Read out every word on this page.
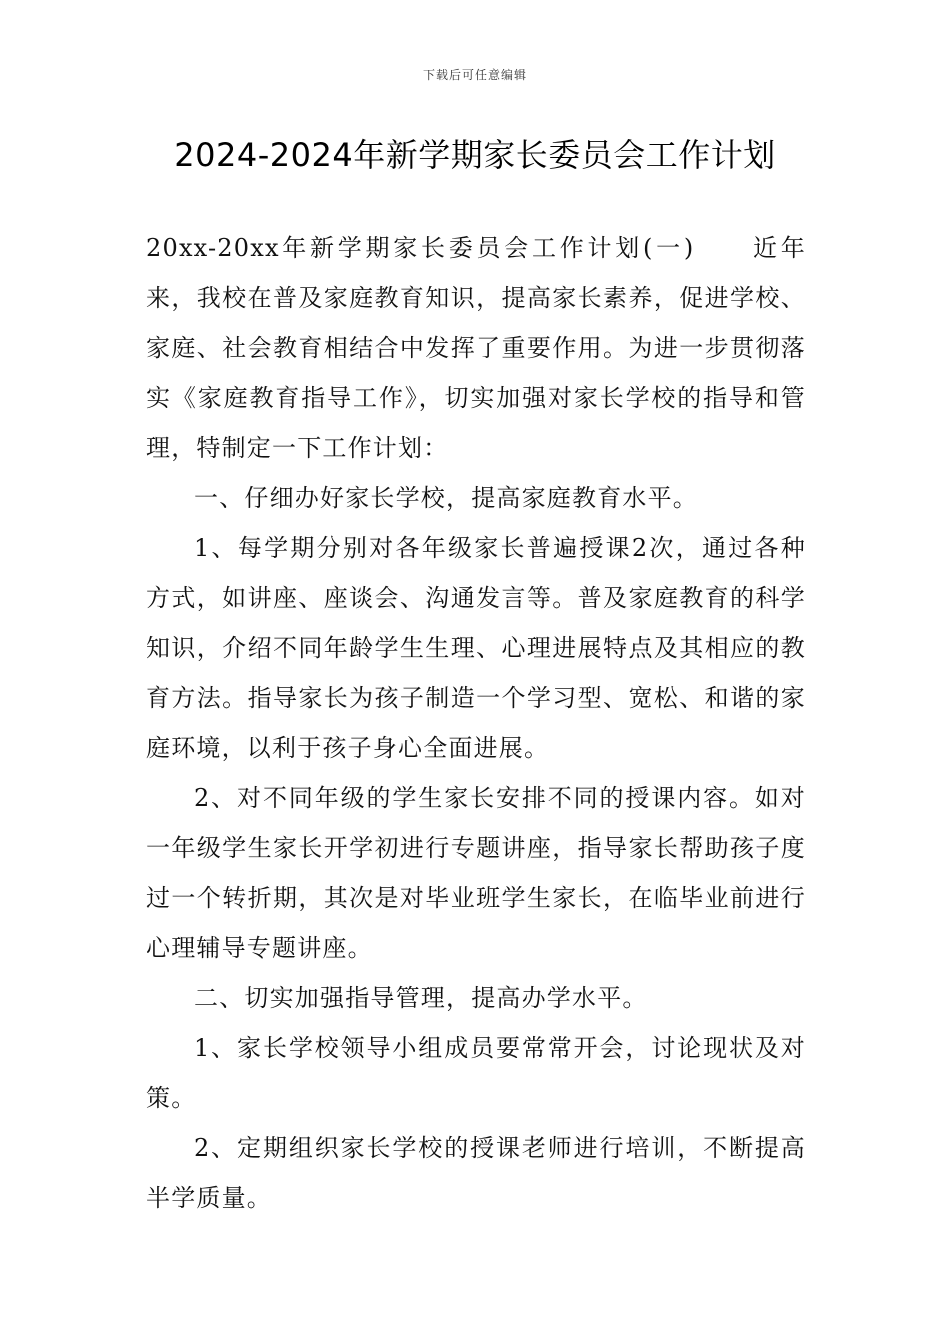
下载后可任意编辑
2024-2024年新学期家长委员会工作计划

20xx-20xx年新学期家长委员会工作计划(一) 近年来，我校在普及家庭教育知识，提高家长素养，促进学校、家庭、社会教育相结合中发挥了重要作用。为进一步贯彻落实《家庭教育指导工作》，切实加强对家长学校的指导和管理，特制定一下工作计划：

一、仔细办好家长学校，提高家庭教育水平。

1、每学期分别对各年级家长普遍授课2次，通过各种方式，如讲座、座谈会、沟通发言等。普及家庭教育的科学知识，介绍不同年龄学生生理、心理进展特点及其相应的教育方法。指导家长为孩子制造一个学习型、宽松、和谐的家庭环境，以利于孩子身心全面进展。

2、对不同年级的学生家长安排不同的授课内容。如对一年级学生家长开学初进行专题讲座，指导家长帮助孩子度过一个转折期，其次是对毕业班学生家长，在临毕业前进行心理辅导专题讲座。

二、切实加强指导管理，提高办学水平。

1、家长学校领导小组成员要常常开会，讨论现状及对策。

2、定期组织家长学校的授课老师进行培训，不断提高半学质量。
